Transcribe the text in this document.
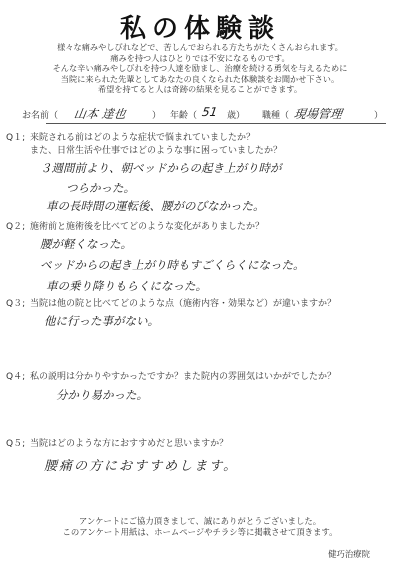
私の体験談
様々な痛みやしびれなどで、苦しんでおられる方たちがたくさんおられます。
痛みを持つ人はひとりでは不安になるものです。
そんな辛い痛みやしびれを持つ人達を励まし、治療を続ける勇気を与えるために
当院に来られた先輩としてあなたの良くなられた体験談をお聞かせ下さい。
希望を持てると人は奇跡の結果を見ることができます。
お名前（ 山本 達也	） 年齢（ 51 歳） 職種（ 現場管理	）
Q１; 来院される前はどのような症状で悩まれていましたか？
また、日常生活や仕事ではどのような事に困っていましたか？
３週間前より、朝ベッドからの起き上がり時が
つらかった。
車の長時間の運転後、腰がのびなかった。
Q２; 施術前と施術後を比べてどのような変化がありましたか？
腰が軽くなった。
ベッドからの起き上がり時もすごくらくになった。
車の乗り降りもらくになった。
Q３; 当院は他の院と比べてどのような点（施術内容・効果など）が違いますか？
他に行った事がない。
Q４; 私の説明は分かりやすかったですか？また院内の雰囲気はいかがでしたか？
分かり易かった。
Q５; 当院はどのような方におすすめだと思いますか？
腰痛の方におすすめします。
アンケートにご協力頂きまして、誠にありがとうございました。
このアンケート用紙は、ホームページやチラシ等に掲載させて頂きます。
健巧治療院
